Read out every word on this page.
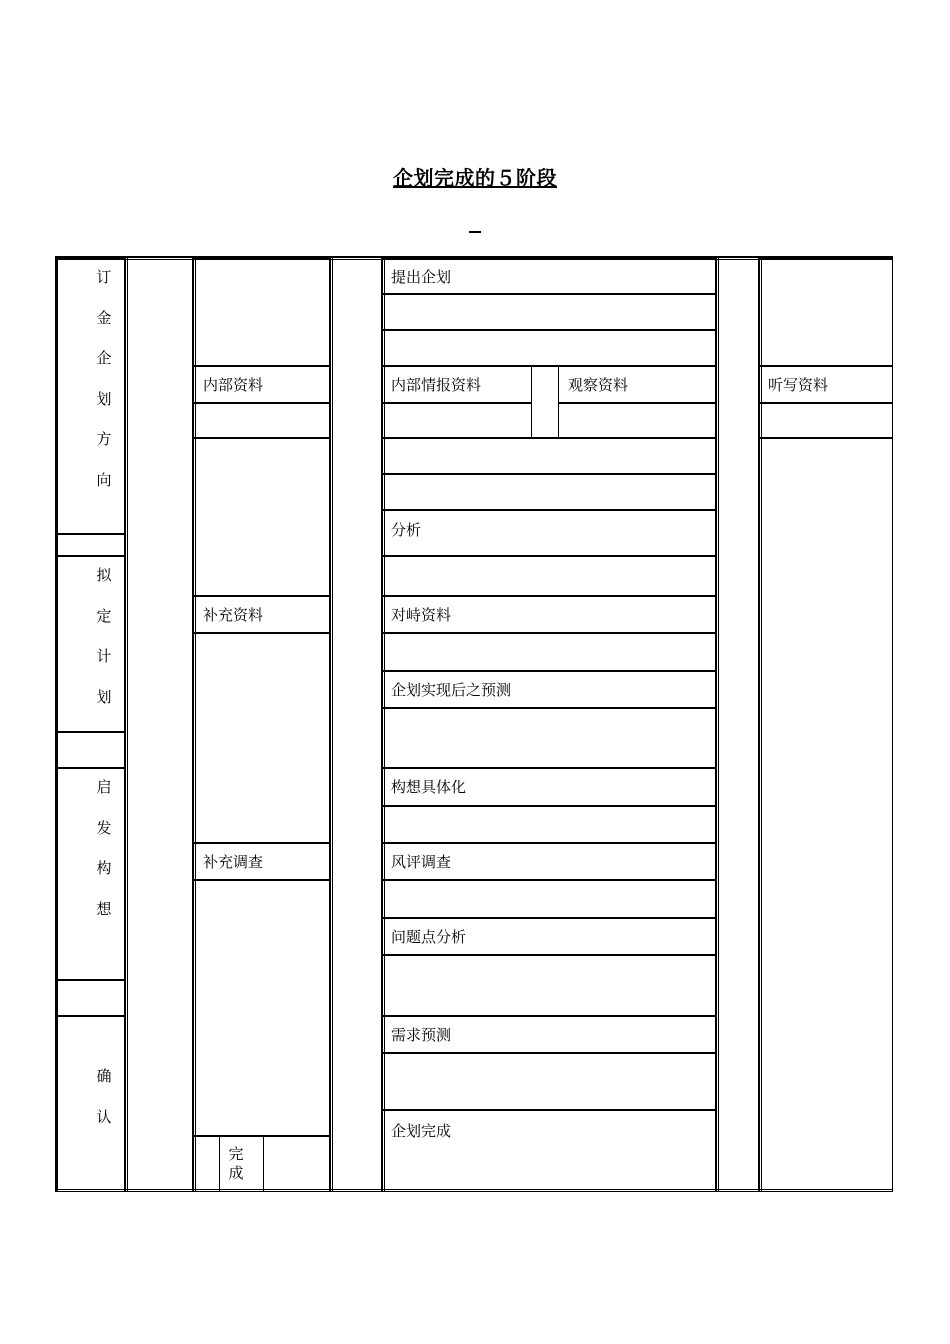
企划完成的５阶段
订
金
企
划
方
向
拟
定
计
划
启
发
构
想
确
认
内部资料
补充资料
补充调查
完
成
提出企划
内部情报资料	观察资料
分析
对峙资料
企划实现后之预测
构想具体化
风评调查
问题点分析
需求预测
企划完成
听写资料
